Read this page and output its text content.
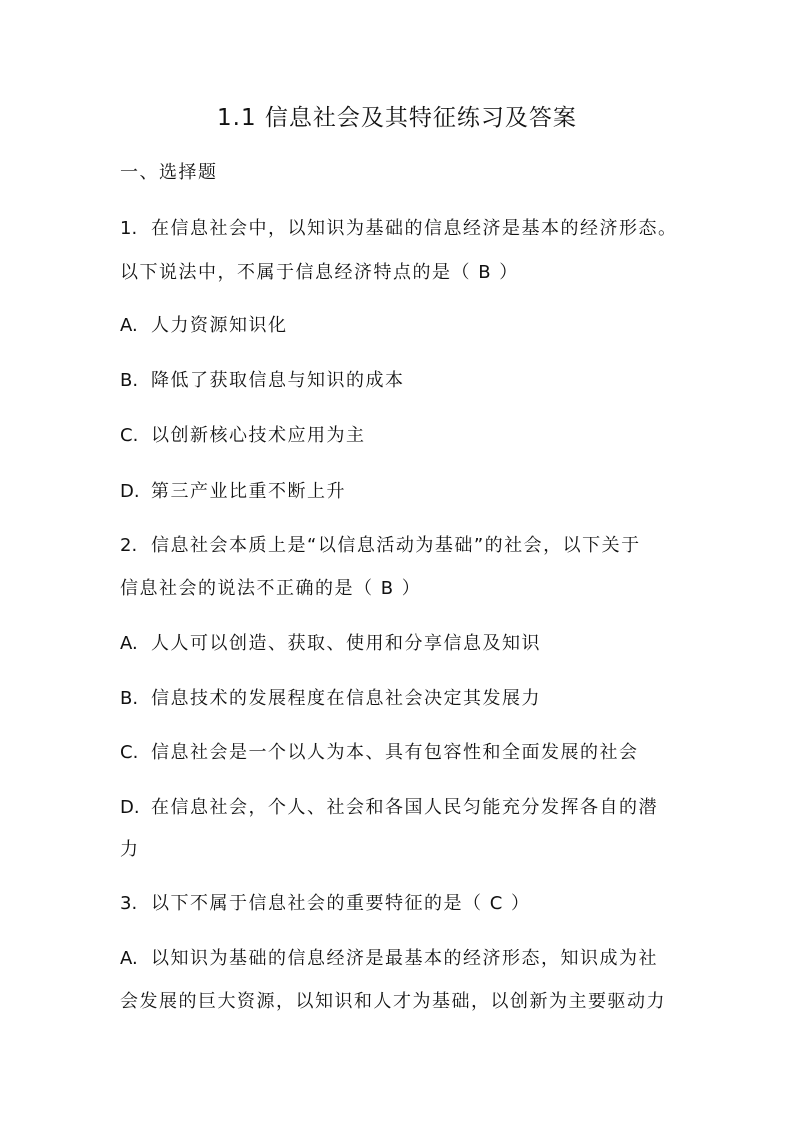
1.1 信息社会及其特征练习及答案

一、选择题

1. 在信息社会中，以知识为基础的信息经济是基本的经济形态。

以下说法中，不属于信息经济特点的是（ B ）

A. 人力资源知识化

B. 降低了获取信息与知识的成本

C. 以创新核心技术应用为主

D. 第三产业比重不断上升

2. 信息社会本质上是“以信息活动为基础”的社会，以下关于

信息社会的说法不正确的是（ B ）

A. 人人可以创造、获取、使用和分享信息及知识

B. 信息技术的发展程度在信息社会决定其发展力

C. 信息社会是一个以人为本、具有包容性和全面发展的社会

D. 在信息社会，个人、社会和各国人民匀能充分发挥各自的潜

力

3. 以下不属于信息社会的重要特征的是（ C ）

A. 以知识为基础的信息经济是最基本的经济形态，知识成为社

会发展的巨大资源，以知识和人才为基础，以创新为主要驱动力
